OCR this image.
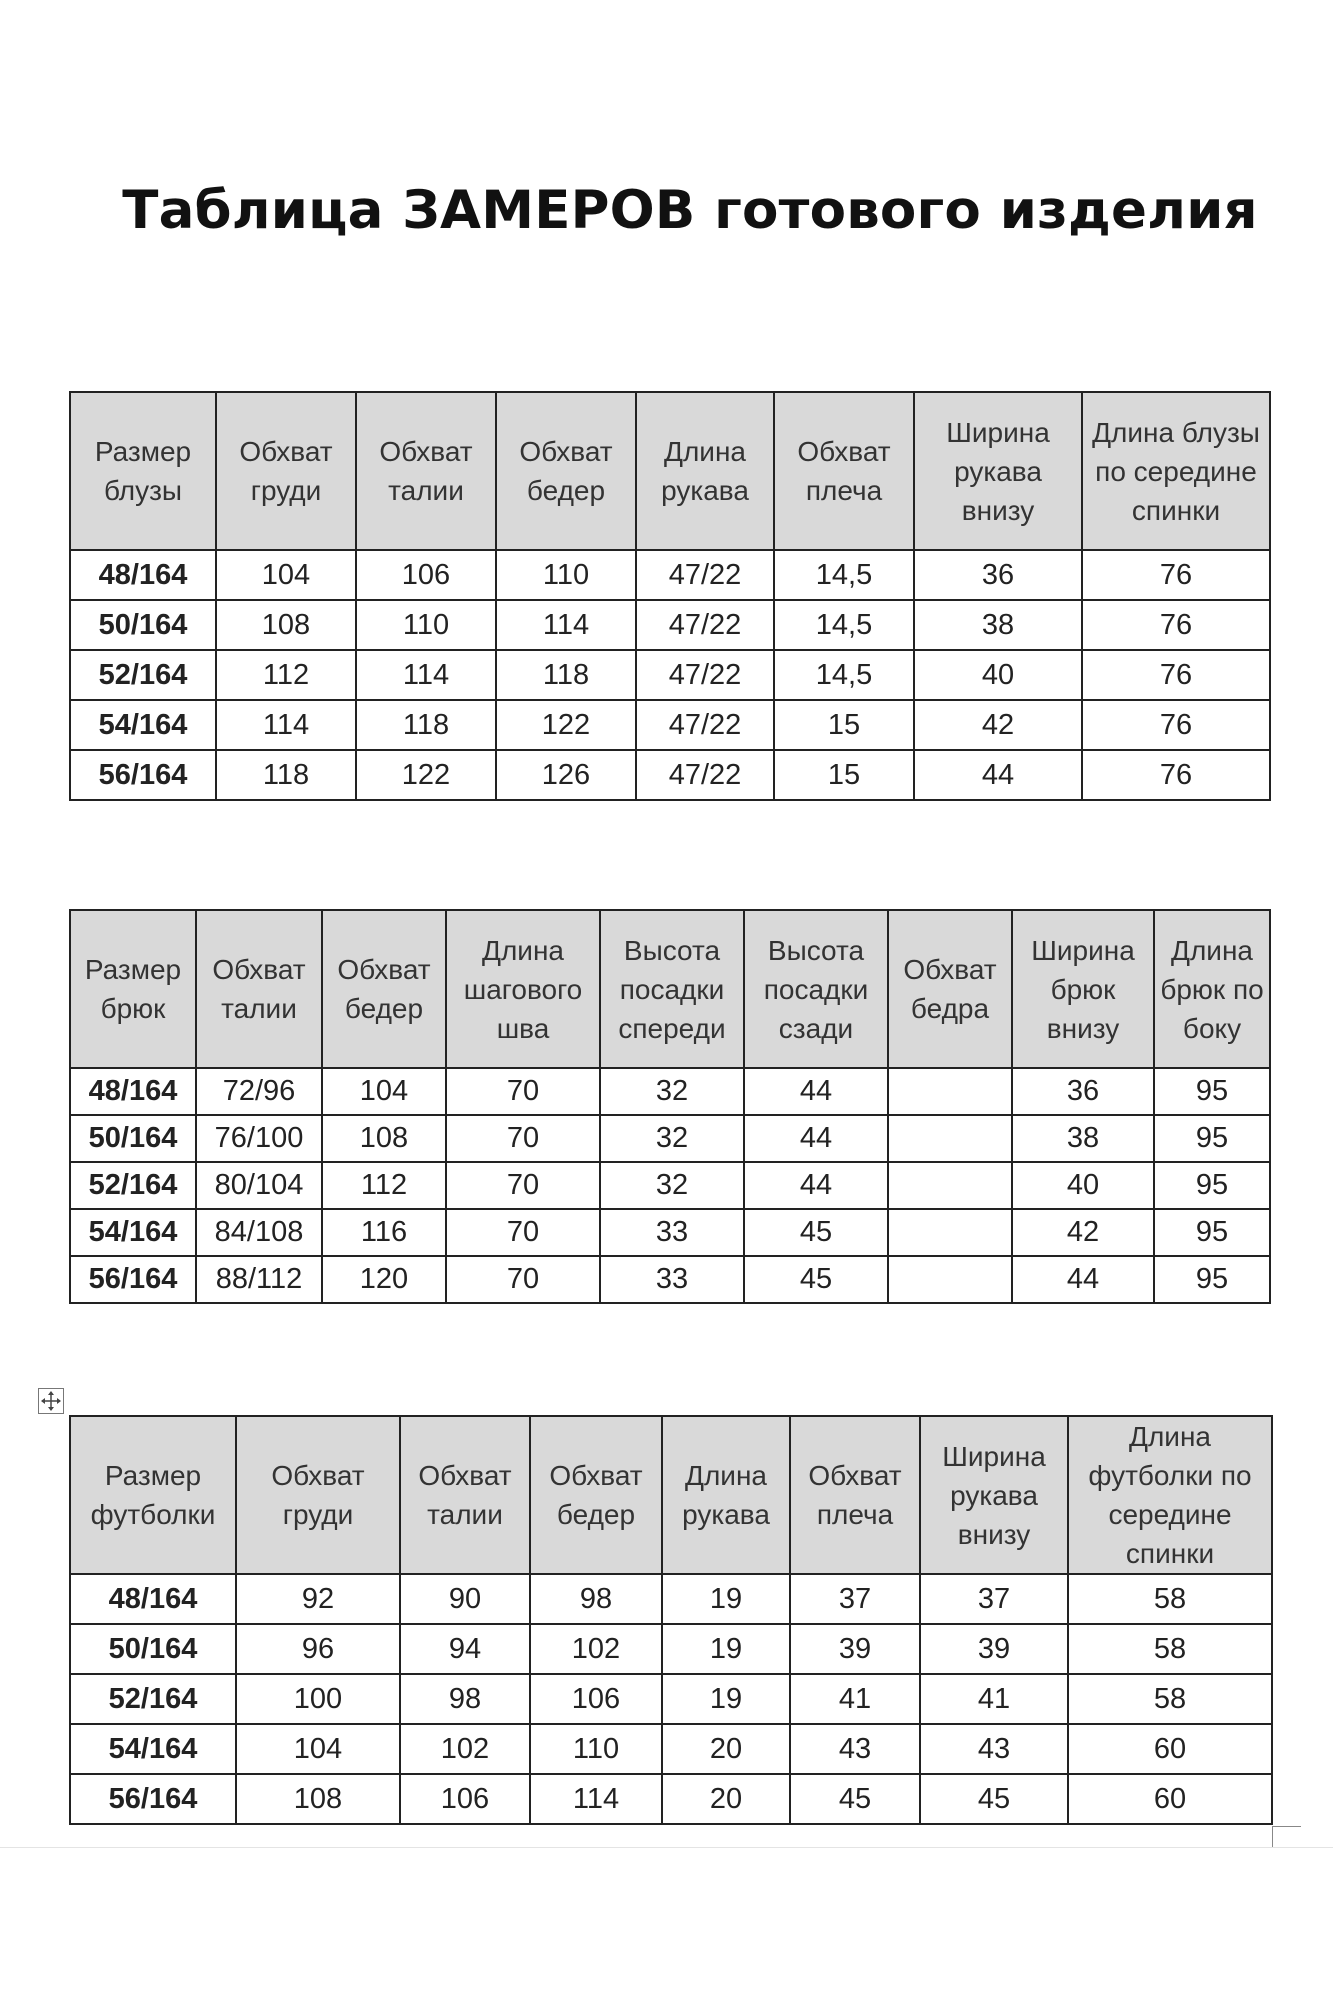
Таблица ЗАМЕРОВ готового изделия
Размер блузы	Обхват груди	Обхват талии	Обхват бедер	Длина рукава	Обхват плеча	Ширина рукава внизу	Длина блузы по середине спинки
48/164	104	106	110	47/22	14,5	36	76
50/164	108	110	114	47/22	14,5	38	76
52/164	112	114	118	47/22	14,5	40	76
54/164	114	118	122	47/22	15	42	76
56/164	118	122	126	47/22	15	44	76
Размер брюк	Обхват талии	Обхват бедер	Длина шагового шва	Высота посадки спереди	Высота посадки сзади	Обхват бедра	Ширина брюк внизу	Длина брюк по боку
48/164	72/96	104	70	32	44		36	95
50/164	76/100	108	70	32	44		38	95
52/164	80/104	112	70	32	44		40	95
54/164	84/108	116	70	33	45		42	95
56/164	88/112	120	70	33	45		44	95
Размер футболки	Обхват груди	Обхват талии	Обхват бедер	Длина рукава	Обхват плеча	Ширина рукава внизу	Длина футболки по середине спинки
48/164	92	90	98	19	37	37	58
50/164	96	94	102	19	39	39	58
52/164	100	98	106	19	41	41	58
54/164	104	102	110	20	43	43	60
56/164	108	106	114	20	45	45	60
